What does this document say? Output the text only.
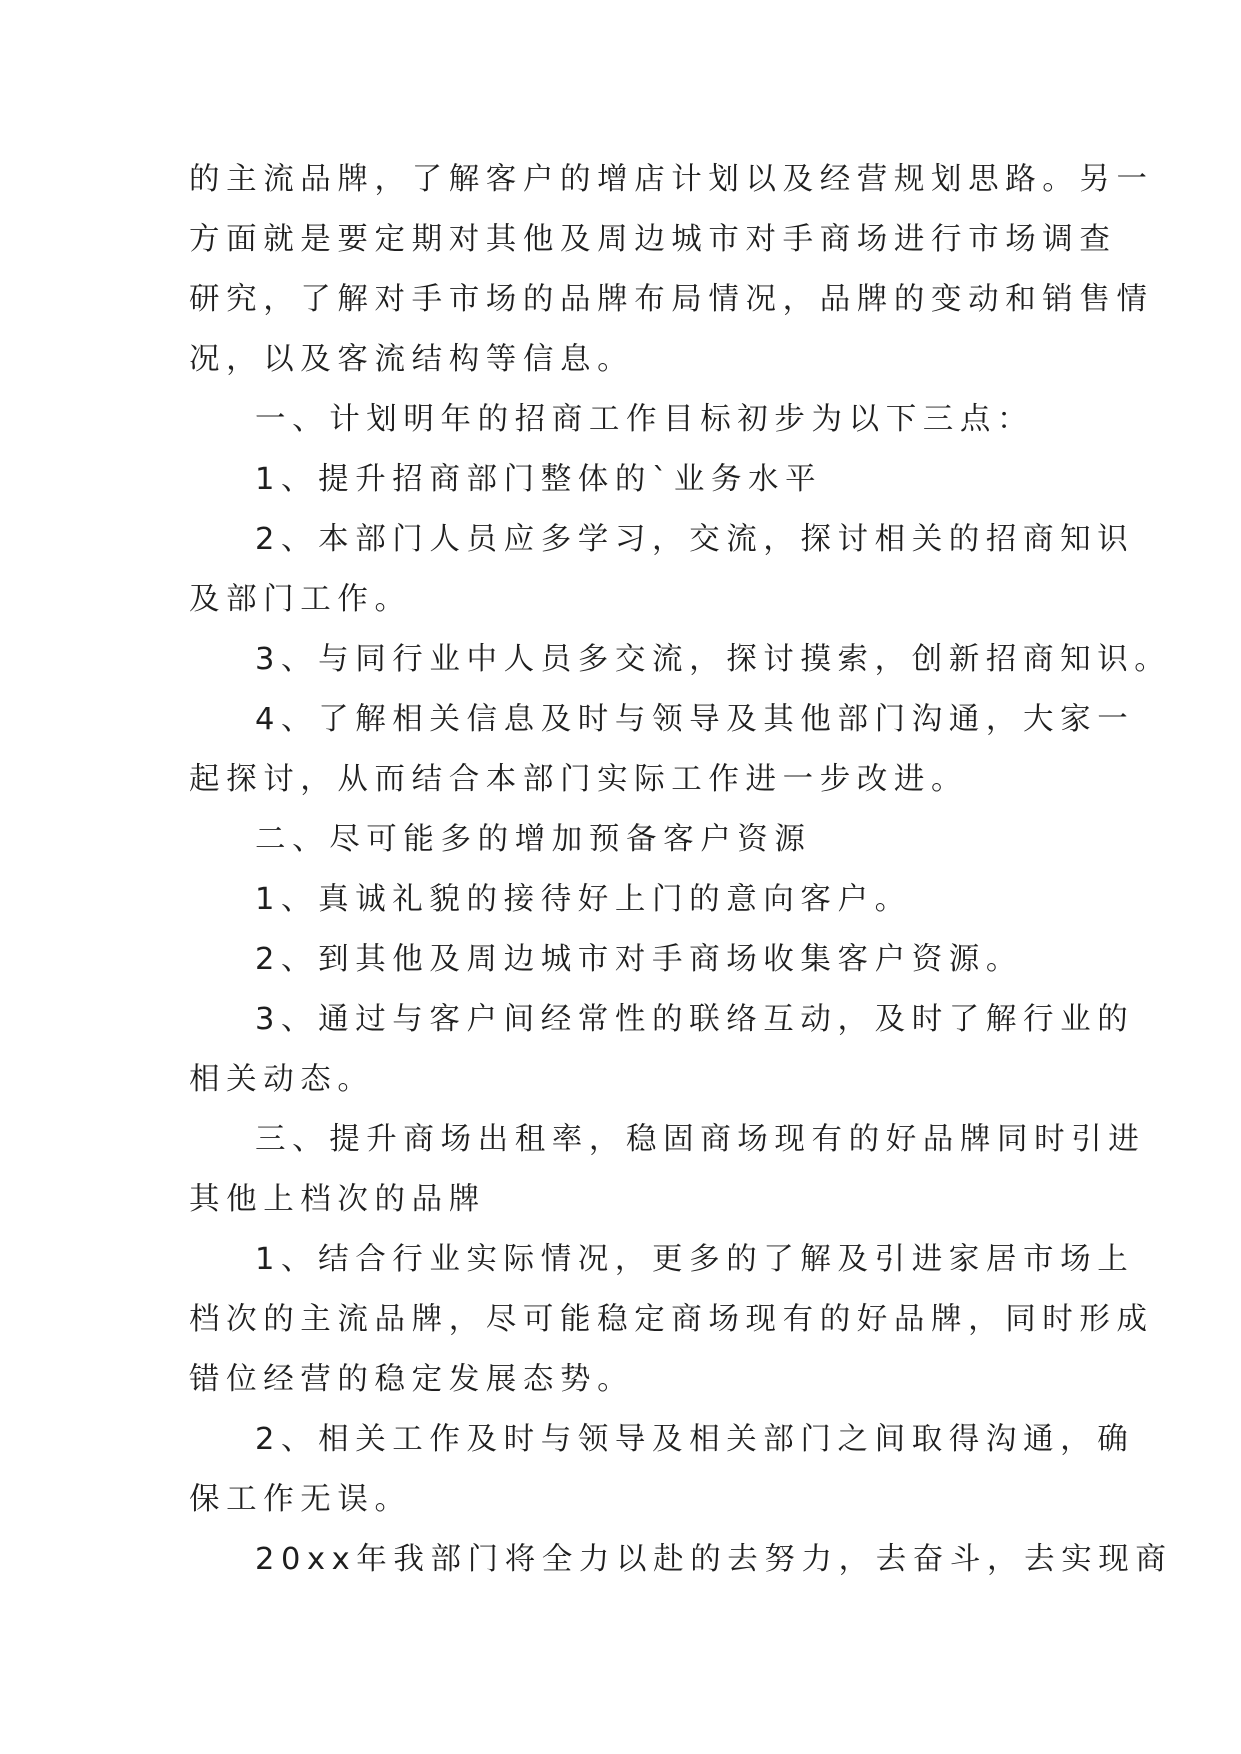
的主流品牌，了解客户的增店计划以及经营规划思路。另一
方面就是要定期对其他及周边城市对手商场进行市场调查
研究，了解对手市场的品牌布局情况，品牌的变动和销售情
况，以及客流结构等信息。
一、计划明年的招商工作目标初步为以下三点：
1、提升招商部门整体的`业务水平
2、本部门人员应多学习，交流，探讨相关的招商知识
及部门工作。
3、与同行业中人员多交流，探讨摸索，创新招商知识。
4、了解相关信息及时与领导及其他部门沟通，大家一
起探讨，从而结合本部门实际工作进一步改进。
二、尽可能多的增加预备客户资源
1、真诚礼貌的接待好上门的意向客户。
2、到其他及周边城市对手商场收集客户资源。
3、通过与客户间经常性的联络互动，及时了解行业的
相关动态。
三、提升商场出租率，稳固商场现有的好品牌同时引进
其他上档次的品牌
1、结合行业实际情况，更多的了解及引进家居市场上
档次的主流品牌，尽可能稳定商场现有的好品牌，同时形成
错位经营的稳定发展态势。
2、相关工作及时与领导及相关部门之间取得沟通，确
保工作无误。
20xx年我部门将全力以赴的去努力，去奋斗，去实现商
